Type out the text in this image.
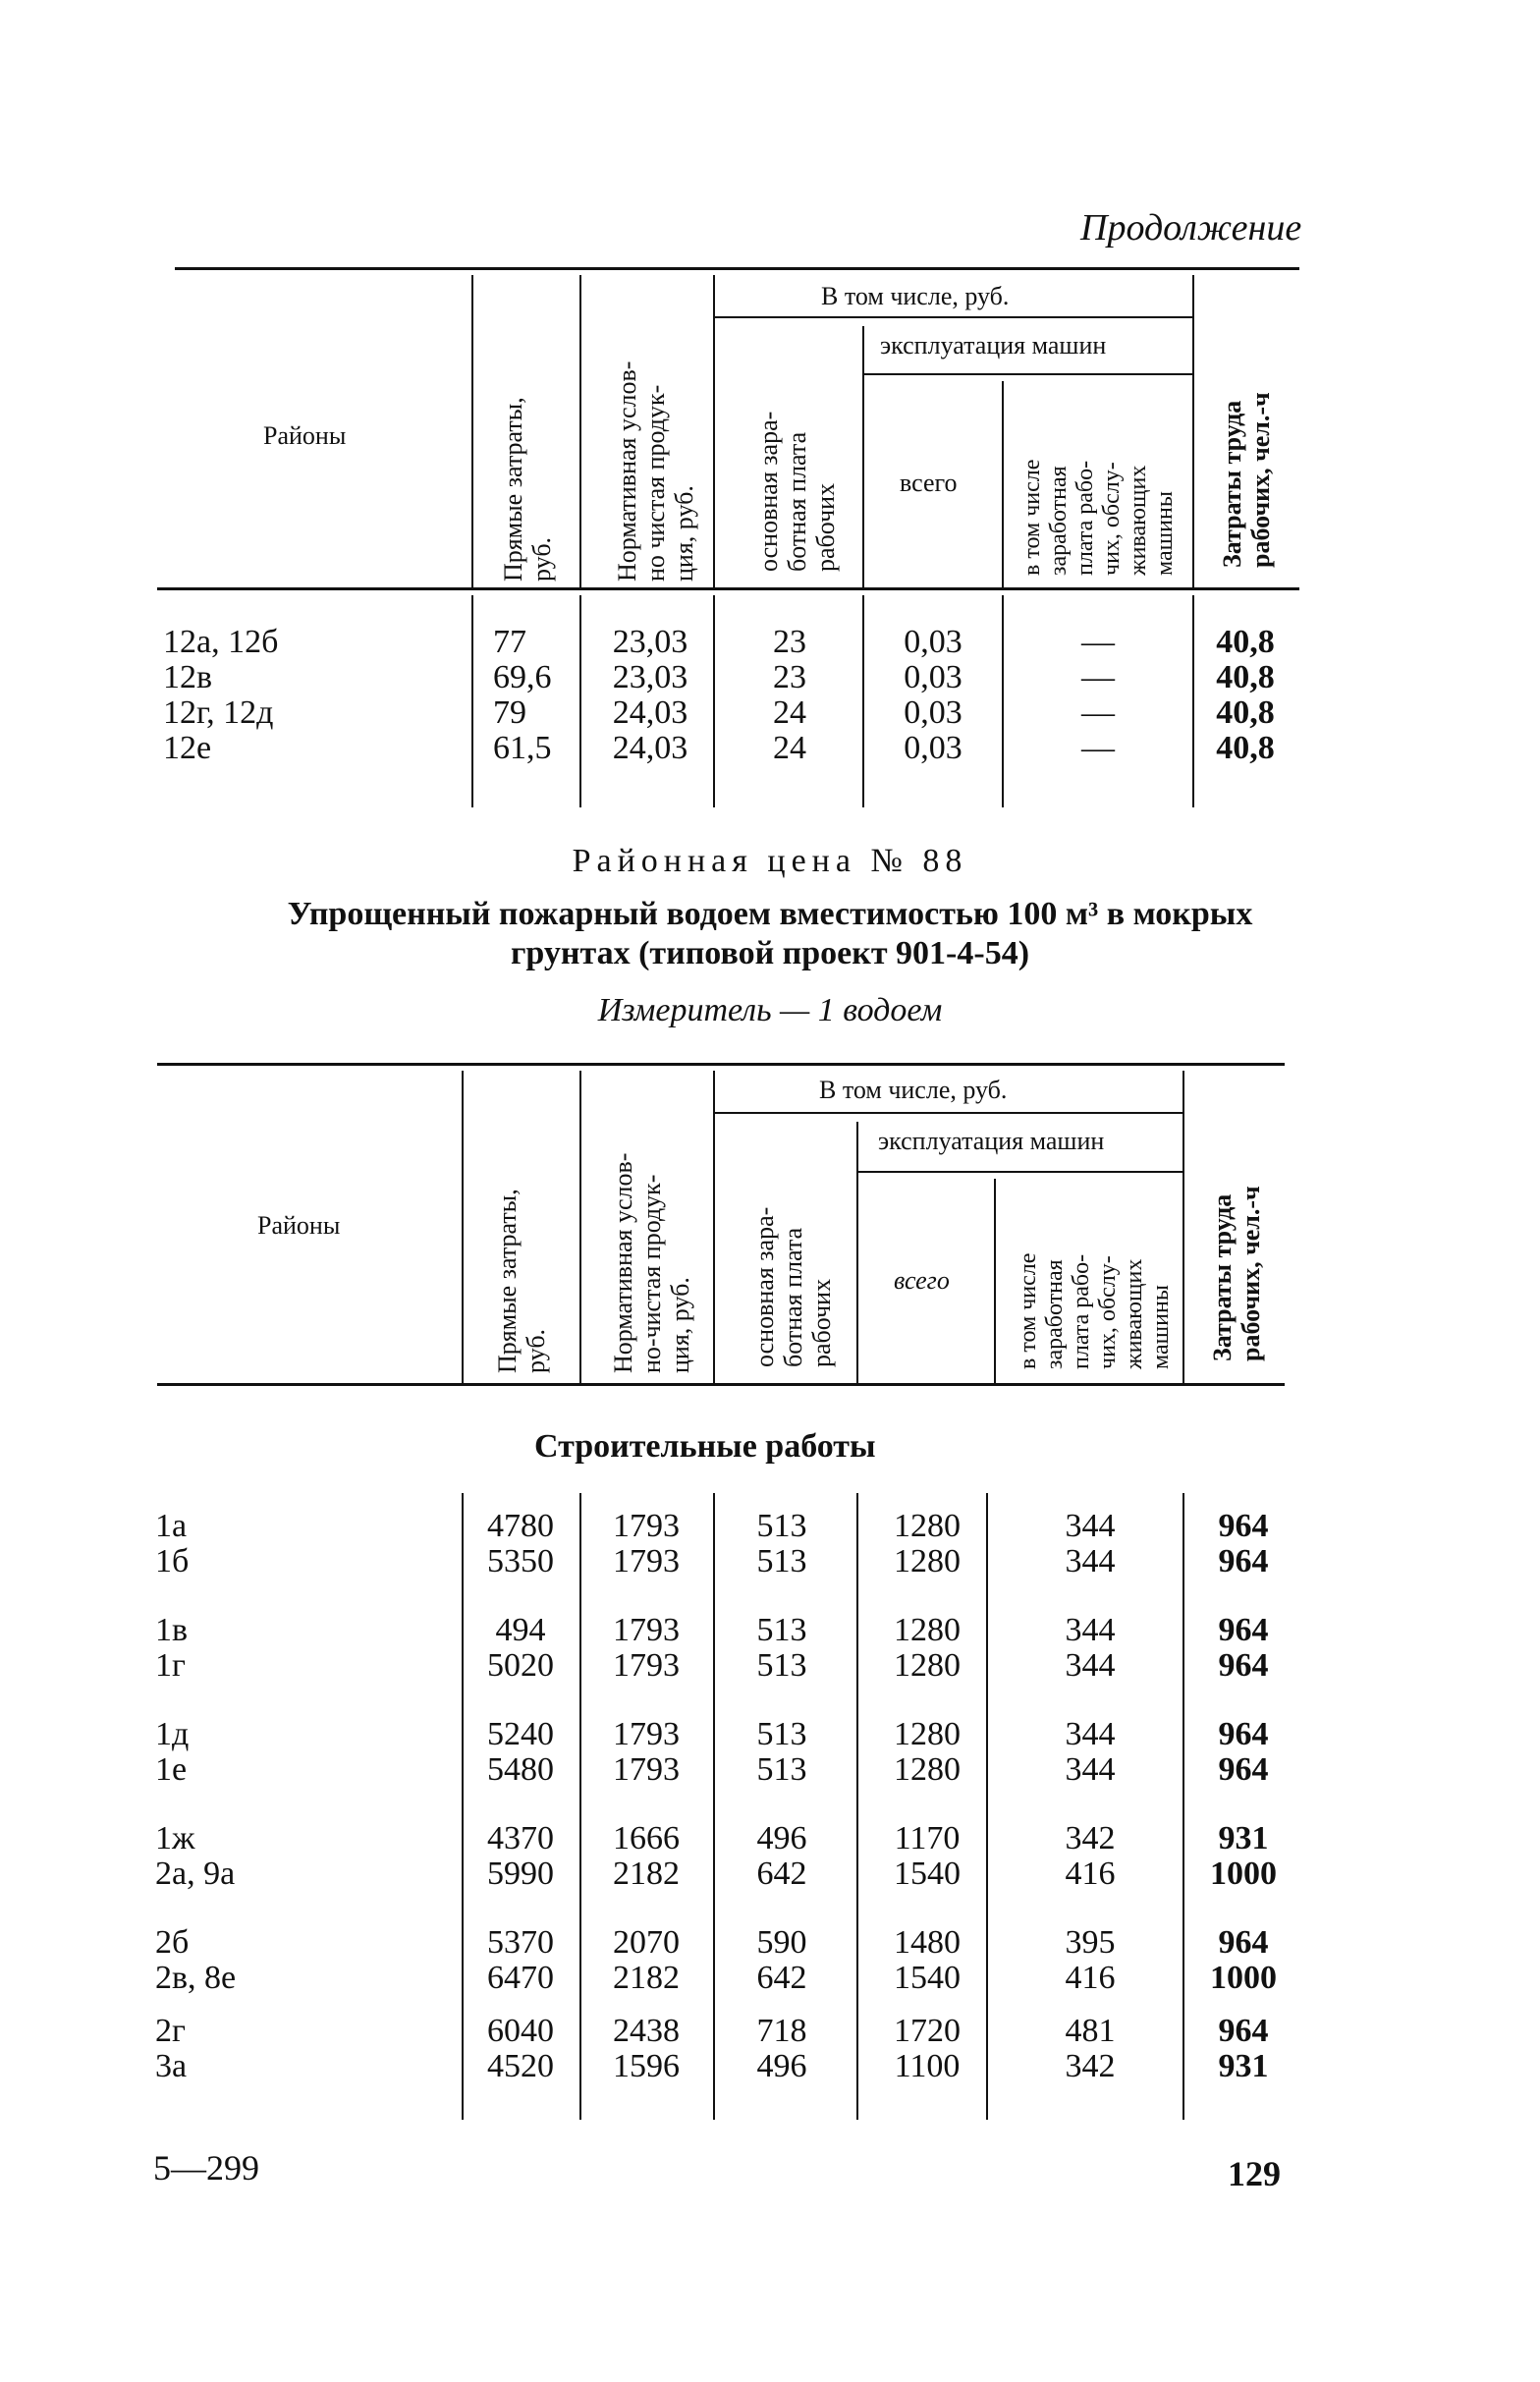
Продолжение
Районы
Прямые затраты,
руб. Нормативная услов-
но чистая продук-
ция, руб.
В том числе, руб.
основная зара-
ботная плата
рабочих
эксплуатация машин
всего
в том числе
заработная
плата рабо-
чих, обслу-
живающих
машины Затраты труда
рабочих, чел.-ч
12а, 12б	77	23,03	23	0,03	—	40,8
12в	69,6	23,03	23	0,03	—	40,8
12г, 12д	79	24,03	24	0,03	—	40,8
12е	61,5	24,03	24	0,03	—	40,8
Районная цена № 88
Упрощенный пожарный водоем вместимостью 100 м³ в мокрых
грунтах (типовой проект 901-4-54)
Измеритель — 1 водоем
Районы
Прямые затраты,
руб. Нормативная услов-
но-чистая продук-
ция, руб.
В том числе, руб.
основная зара-
ботная плата
рабочих
эксплуатация машин
всего
в том числе
заработная
плата рабо-
чих, обслу-
живающих
машины Затраты труда
рабочих, чел.-ч
Строительные работы
1а	4780	1793	513	1280	344	964
1б	5350	1793	513	1280	344	964
1в	494	1793	513	1280	344	964
1г	5020	1793	513	1280	344	964
1д	5240	1793	513	1280	344	964
1е	5480	1793	513	1280	344	964
1ж	4370	1666	496	1170	342	931
2а, 9а	5990	2182	642	1540	416	1000
2б	5370	2070	590	1480	395	964
2в, 8е	6470	2182	642	1540	416	1000
2г	6040	2438	718	1720	481	964
3а	4520	1596	496	1100	342	931
5—299	129
